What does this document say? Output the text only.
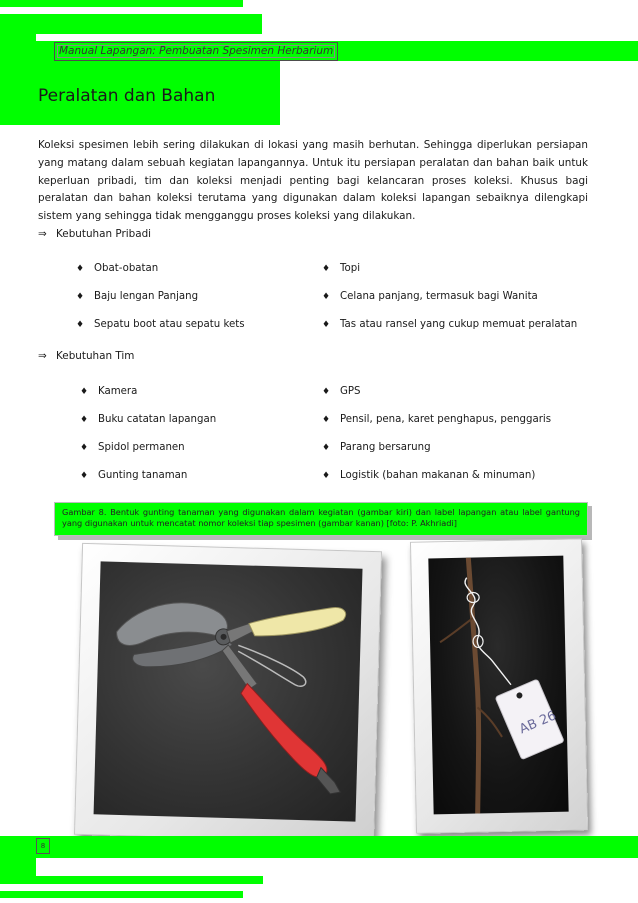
Manual Lapangan: Pembuatan Spesimen Herbarium
Peralatan dan Bahan
Koleksi spesimen lebih sering dilakukan di lokasi yang masih berhutan. Sehingga diperlukan persiapan yang matang dalam sebuah kegiatan lapangannya. Untuk itu persiapan peralatan dan bahan baik untuk keperluan pribadi, tim dan koleksi menjadi penting bagi kelancaran proses koleksi. Khusus bagi peralatan dan bahan koleksi terutama yang digunakan dalam koleksi lapangan sebaiknya dilengkapi sistem yang sehingga tidak mengganggu proses koleksi yang dilakukan.
⇒ Kebutuhan Pribadi
♦ Obat-obatan
♦ Baju lengan Panjang
♦ Sepatu boot atau sepatu kets
♦ Topi
♦ Celana panjang, termasuk bagi Wanita
♦ Tas atau ransel yang cukup memuat peralatan
⇒ Kebutuhan Tim
♦ Kamera
♦ Buku catatan lapangan
♦ Spidol permanen
♦ Gunting tanaman
♦ GPS
♦ Pensil, pena, karet penghapus, penggaris
♦ Parang bersarung
♦ Logistik (bahan makanan & minuman)
Gambar 8. Bentuk gunting tanaman yang digunakan dalam kegiatan (gambar kiri) dan label lapangan atau label gantung yang digunakan untuk mencatat nomor koleksi tiap spesimen (gambar kanan) [foto: P. Akhriadi]
AB 26
8
